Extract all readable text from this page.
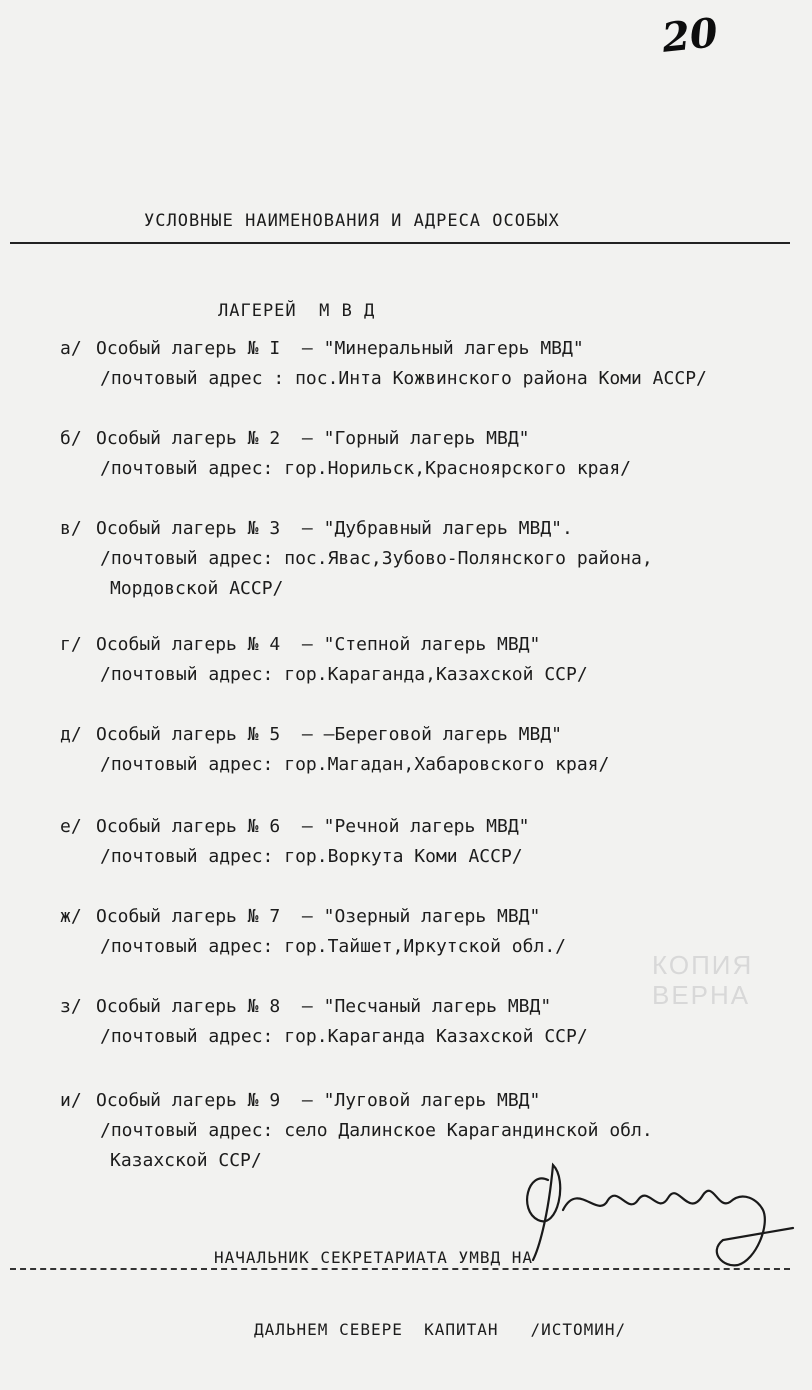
20

УСЛОВНЫЕ НАИМЕНОВАНИЯ И АДРЕСА ОСОБЫХ

ЛАГЕРЕЙ  М В Д

а/ Особый лагерь № I – "Минеральный лагерь МВД"
/почтовый адрес : пос.Инта Кожвинского района Коми АССР/
б/ Особый лагерь № 2 – "Горный лагерь МВД"
/почтовый адрес: гор.Норильск,Красноярского края/
в/ Особый лагерь № 3 – "Дубравный лагерь МВД".
/почтовый адрес: пос.Явас,Зубово-Полянского района,
Мордовской АССР/
г/ Особый лагерь № 4 – "Степной лагерь МВД"
/почтовый адрес: гор.Караганда,Казахской ССР/
д/ Особый лагерь № 5 – –Береговой лагерь МВД"
/почтовый адрес: гор.Магадан,Хабаровского края/
е/ Особый лагерь № 6 – "Речной лагерь МВД"
/почтовый адрес: гор.Воркута Коми АССР/
ж/ Особый лагерь № 7 – "Озерный лагерь МВД"
/почтовый адрес: гор.Тайшет,Иркутской обл./
з/ Особый лагерь № 8 – "Песчаный лагерь МВД"
/почтовый адрес: гор.Караганда Казахской ССР/
и/ Особый лагерь № 9 – "Луговой лагерь МВД"
/почтовый адрес: село Далинское Карагандинской обл.
Казахской ССР/
КОПИЯ ВЕРНА

НАЧАЛЬНИК СЕКРЕТАРИАТА УМВД НА

ДАЛЬНЕМ СЕВЕРЕ  КАПИТАН /ИСТОМИН/
